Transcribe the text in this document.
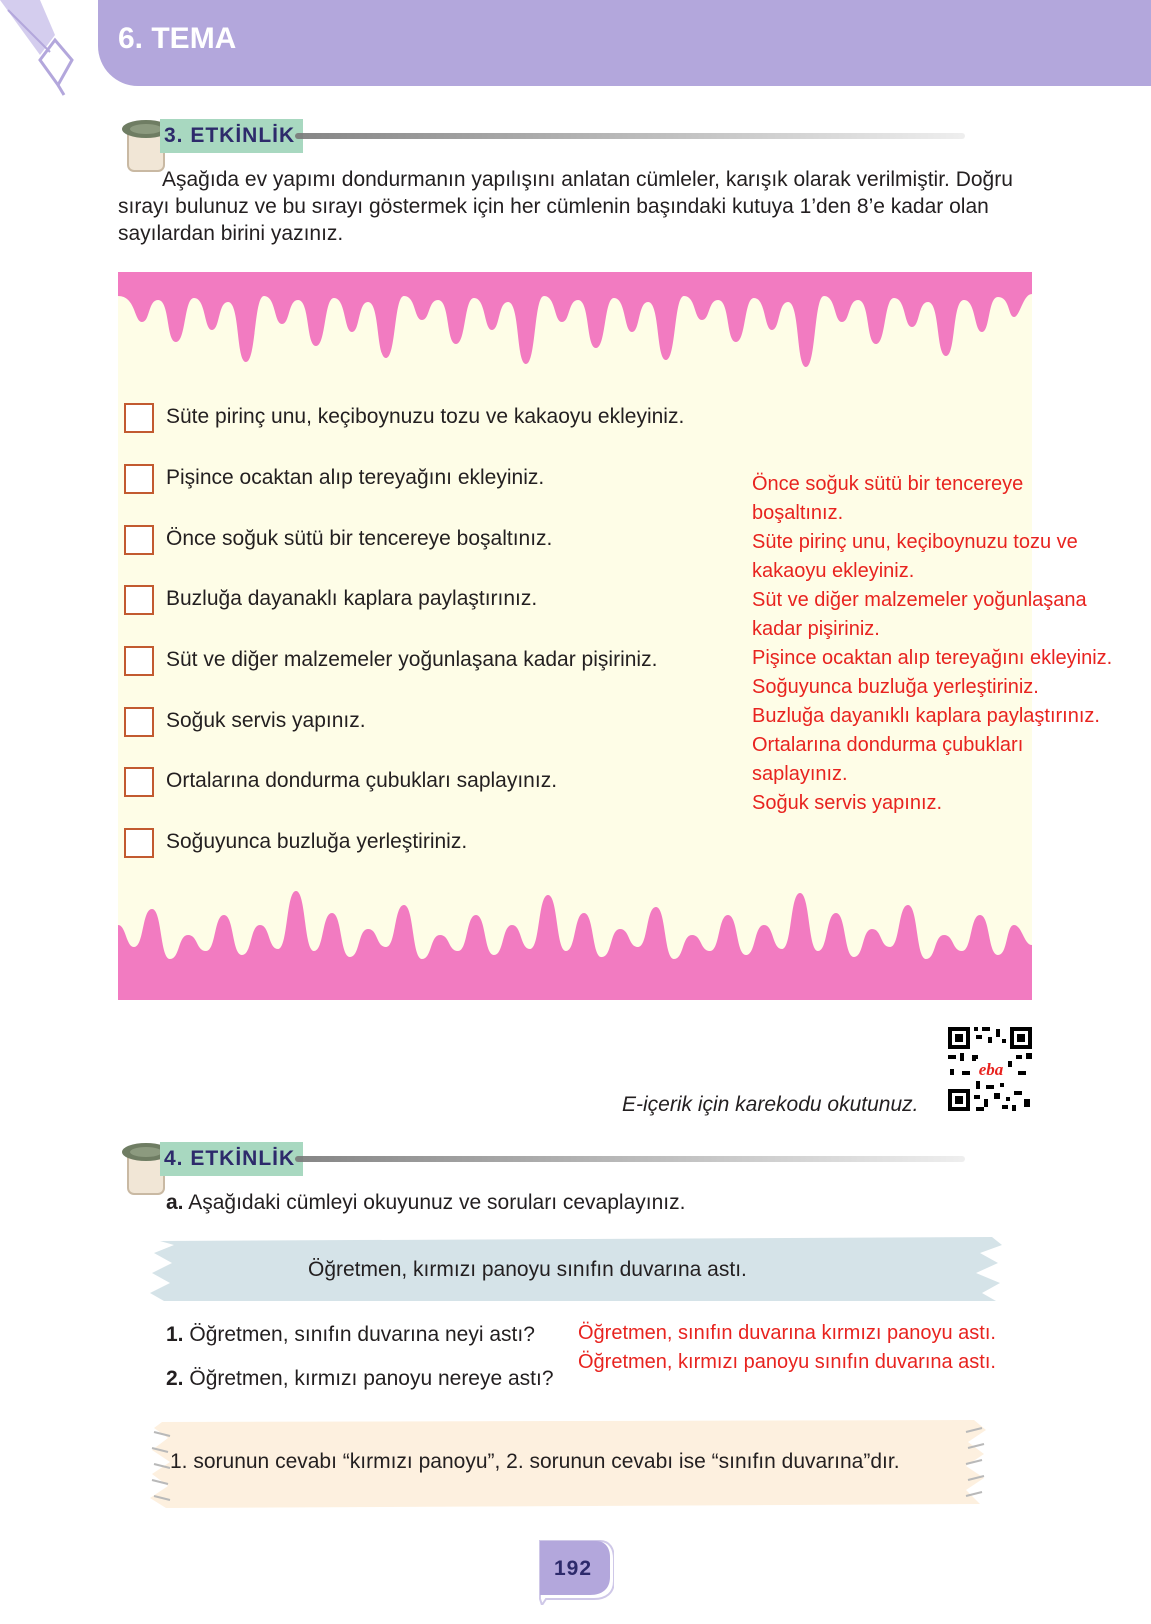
6. TEMA
3. ETKİNLİK

Aşağıda ev yapımı dondurmanın yapılışını anlatan cümleler, karışık olarak verilmiştir. Doğru sırayı bulunuz ve bu sırayı göstermek için her cümlenin başındaki kutuya 1’den 8’e kadar olan sayılardan birini yazınız.

Süte pirinç unu, keçiboynuzu tozu ve kakaoyu ekleyiniz.
Pişince ocaktan alıp tereyağını ekleyiniz.
Önce soğuk sütü bir tencereye boşaltınız.
Buzluğa dayanaklı kaplara paylaştırınız.
Süt ve diğer malzemeler yoğunlaşana kadar pişiriniz.
Soğuk servis yapınız.
Ortalarına dondurma çubukları saplayınız.
Soğuyunca buzluğa yerleştiriniz.
Önce soğuk sütü bir tencereye
boşaltınız.
Süte pirinç unu, keçiboynuzu tozu ve
kakaoyu ekleyiniz.
Süt ve diğer malzemeler yoğunlaşana
kadar pişiriniz.
Pişince ocaktan alıp tereyağını ekleyiniz.
Soğuyunca buzluğa yerleştiriniz.
Buzluğa dayanıklı kaplara paylaştırınız.
Ortalarına dondurma çubukları
saplayınız.
Soğuk servis yapınız.
eba
E-içerik için karekodu okutunuz.
4. ETKİNLİK
a. Aşağıdaki cümleyi okuyunuz ve soruları cevaplayınız.
Öğretmen, kırmızı panoyu sınıfın duvarına astı.
1. Öğretmen, sınıfın duvarına neyi astı? Öğretmen, sınıfın duvarına kırmızı panoyu astı.
2. Öğretmen, kırmızı panoyu nereye astı?
Öğretmen, kırmızı panoyu sınıfın duvarına astı.
1. sorunun cevabı “kırmızı panoyu”, 2. sorunun cevabı ise “sınıfın duvarına”dır.
192
